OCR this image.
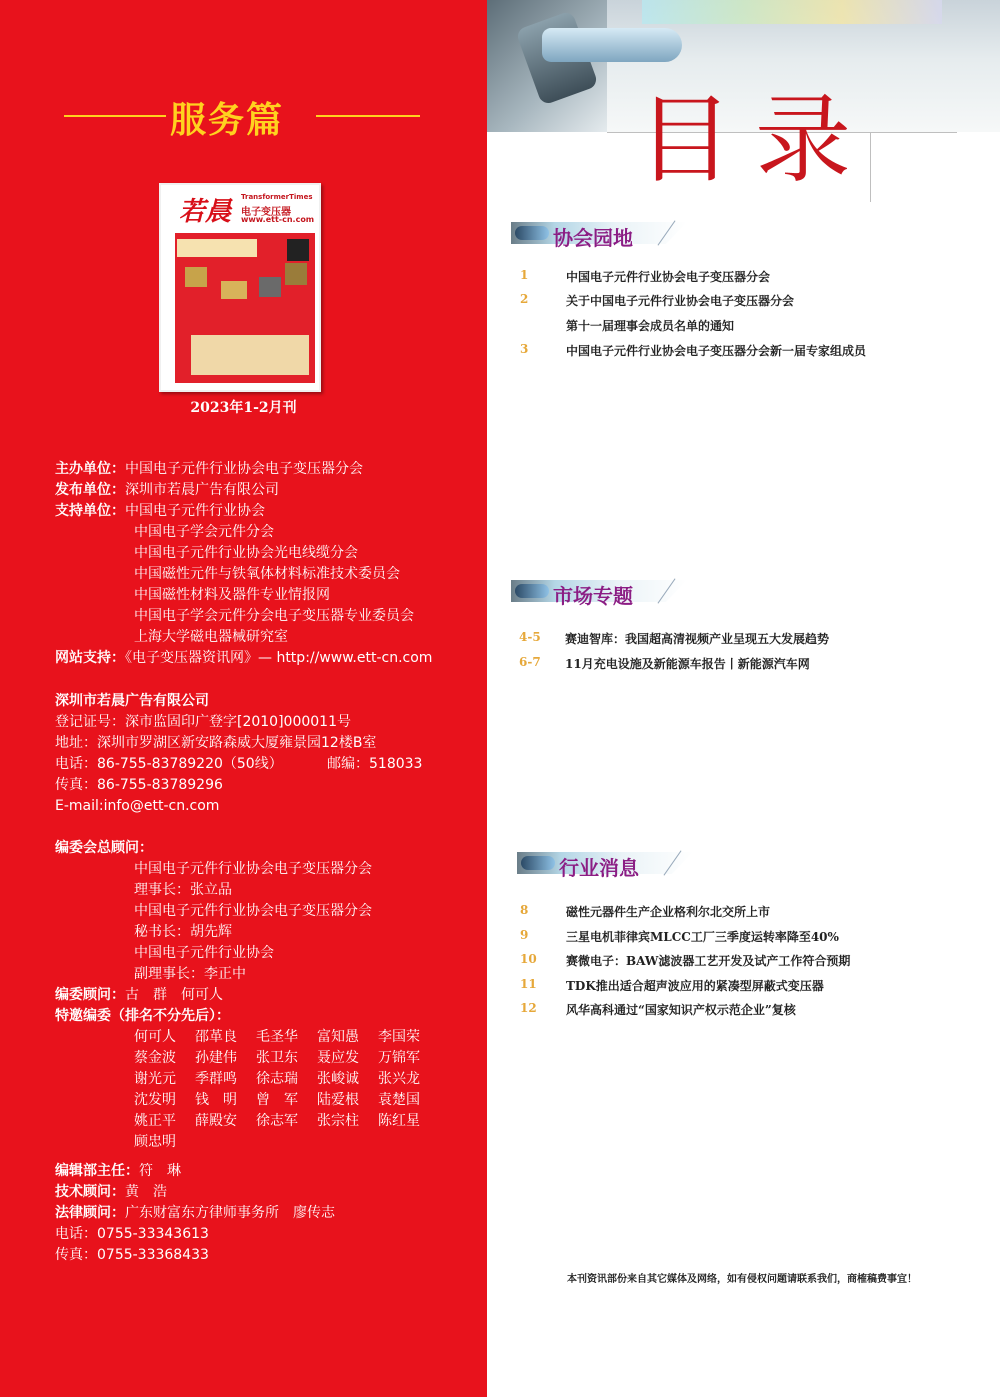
服务篇
若晨 TransformerTimes
电子变压器
www.ett-cn.com
2023年1-2月刊
主办单位：中国电子元件行业协会电子变压器分会
发布单位：深圳市若晨广告有限公司
支持单位：中国电子元件行业协会
中国电子学会元件分会
中国电子元件行业协会光电线缆分会
中国磁性元件与铁氧体材料标准技术委员会
中国磁性材料及器件专业情报网
中国电子学会元件分会电子变压器专业委员会
上海大学磁电器械研究室
网站支持：《电子变压器资讯网》— http://www.ett-cn.com
深圳市若晨广告有限公司
登记证号：深市监固印广登字[2010]000011号
地址：深圳市罗湖区新安路森威大厦雍景园12楼B室
电话：86-755-83789220（50线）	邮编：518033
传真：86-755-83789296
E-mail:info@ett-cn.com
编委会总顾问：
中国电子元件行业协会电子变压器分会
理事长：张立品
中国电子元件行业协会电子变压器分会
秘书长：胡先辉
中国电子元件行业协会
副理事长：李正中
编委顾问：古　群　何可人
特邀编委（排名不分先后）：
何可人 邵革良 毛圣华 富知愚 李国荣
蔡金波 孙建伟 张卫东 聂应发 万锦军
谢光元 季群鸣 徐志瑞 张峻诚 张兴龙
沈发明 钱　明 曾　军 陆爱根 袁楚国
姚正平 薛殿安 徐志军 张宗柱 陈红星
顾忠明
编辑部主任：符　琳
技术顾问：黄　浩
法律顾问：广东财富东方律师事务所　廖传志
电话：0755-33343613
传真：0755-33368433
目录
协会园地
1	中国电子元件行业协会电子变压器分会
2	关于中国电子元件行业协会电子变压器分会
第十一届理事会成员名单的通知
3	中国电子元件行业协会电子变压器分会新一届专家组成员
市场专题
4-5 赛迪智库：我国超高清视频产业呈现五大发展趋势
6-7 11月充电设施及新能源车报告丨新能源汽车网
行业消息
8	磁性元器件生产企业格利尔北交所上市
9	三星电机菲律宾MLCC工厂三季度运转率降至40%
10 赛微电子：BAW滤波器工艺开发及试产工作符合预期
11 TDK推出适合超声波应用的紧凑型屏蔽式变压器
12 风华高科通过“国家知识产权示范企业”复核
本刊资讯部份来自其它媒体及网络，如有侵权问题请联系我们，商榷稿费事宜！
